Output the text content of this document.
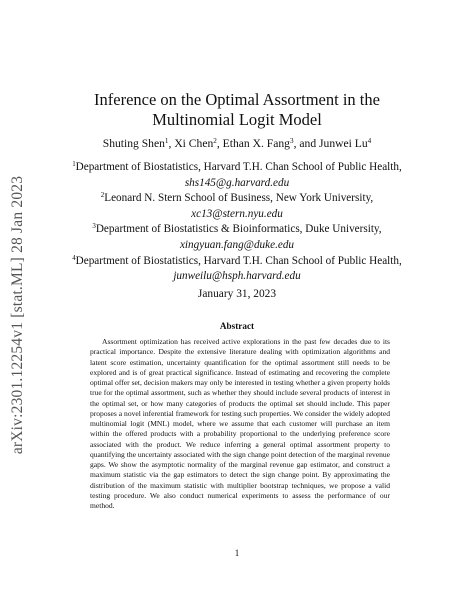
arXiv:2301.12254v1 [stat.ML] 28 Jan 2023
Inference on the Optimal Assortment in the
Multinomial Logit Model
Shuting Shen$^1$, Xi Chen$^2$, Ethan X. Fang$^3$, and Junwei Lu$^4$
$^1$Department of Biostatistics, Harvard T.H. Chan School of Public Health,
shs145@g.harvard.edu
$^2$Leonard N. Stern School of Business, New York University,
xc13@stern.nyu.edu
$^3$Department of Biostatistics & Bioinformatics, Duke University,
xingyuan.fang@duke.edu
$^4$Department of Biostatistics, Harvard T.H. Chan School of Public Health,
junweilu@hsph.harvard.edu
January 31, 2023
Abstract
Assortment optimization has received active explorations in the past few decades due to its practical importance. Despite the extensive literature dealing with optimization algorithms and latent score estimation, uncertainty quantification for the optimal assortment still needs to be explored and is of great practical significance. Instead of estimating and recovering the complete optimal offer set, decision makers may only be interested in testing whether a given property holds true for the optimal assortment, such as whether they should include several products of interest in the optimal set, or how many categories of products the optimal set should include. This paper proposes a novel inferential framework for testing such properties. We consider the widely adopted multinomial logit (MNL) model, where we assume that each customer will purchase an item within the offered products with a probability proportional to the underlying preference score associated with the product. We reduce inferring a general optimal assortment property to quantifying the uncertainty associated with the sign change point detection of the marginal revenue gaps. We show the asymptotic normality of the marginal revenue gap estimator, and construct a maximum statistic via the gap estimators to detect the sign change point. By approximating the distribution of the maximum statistic with multiplier bootstrap techniques, we propose a valid testing procedure. We also conduct numerical experiments to assess the performance of our method.
1
